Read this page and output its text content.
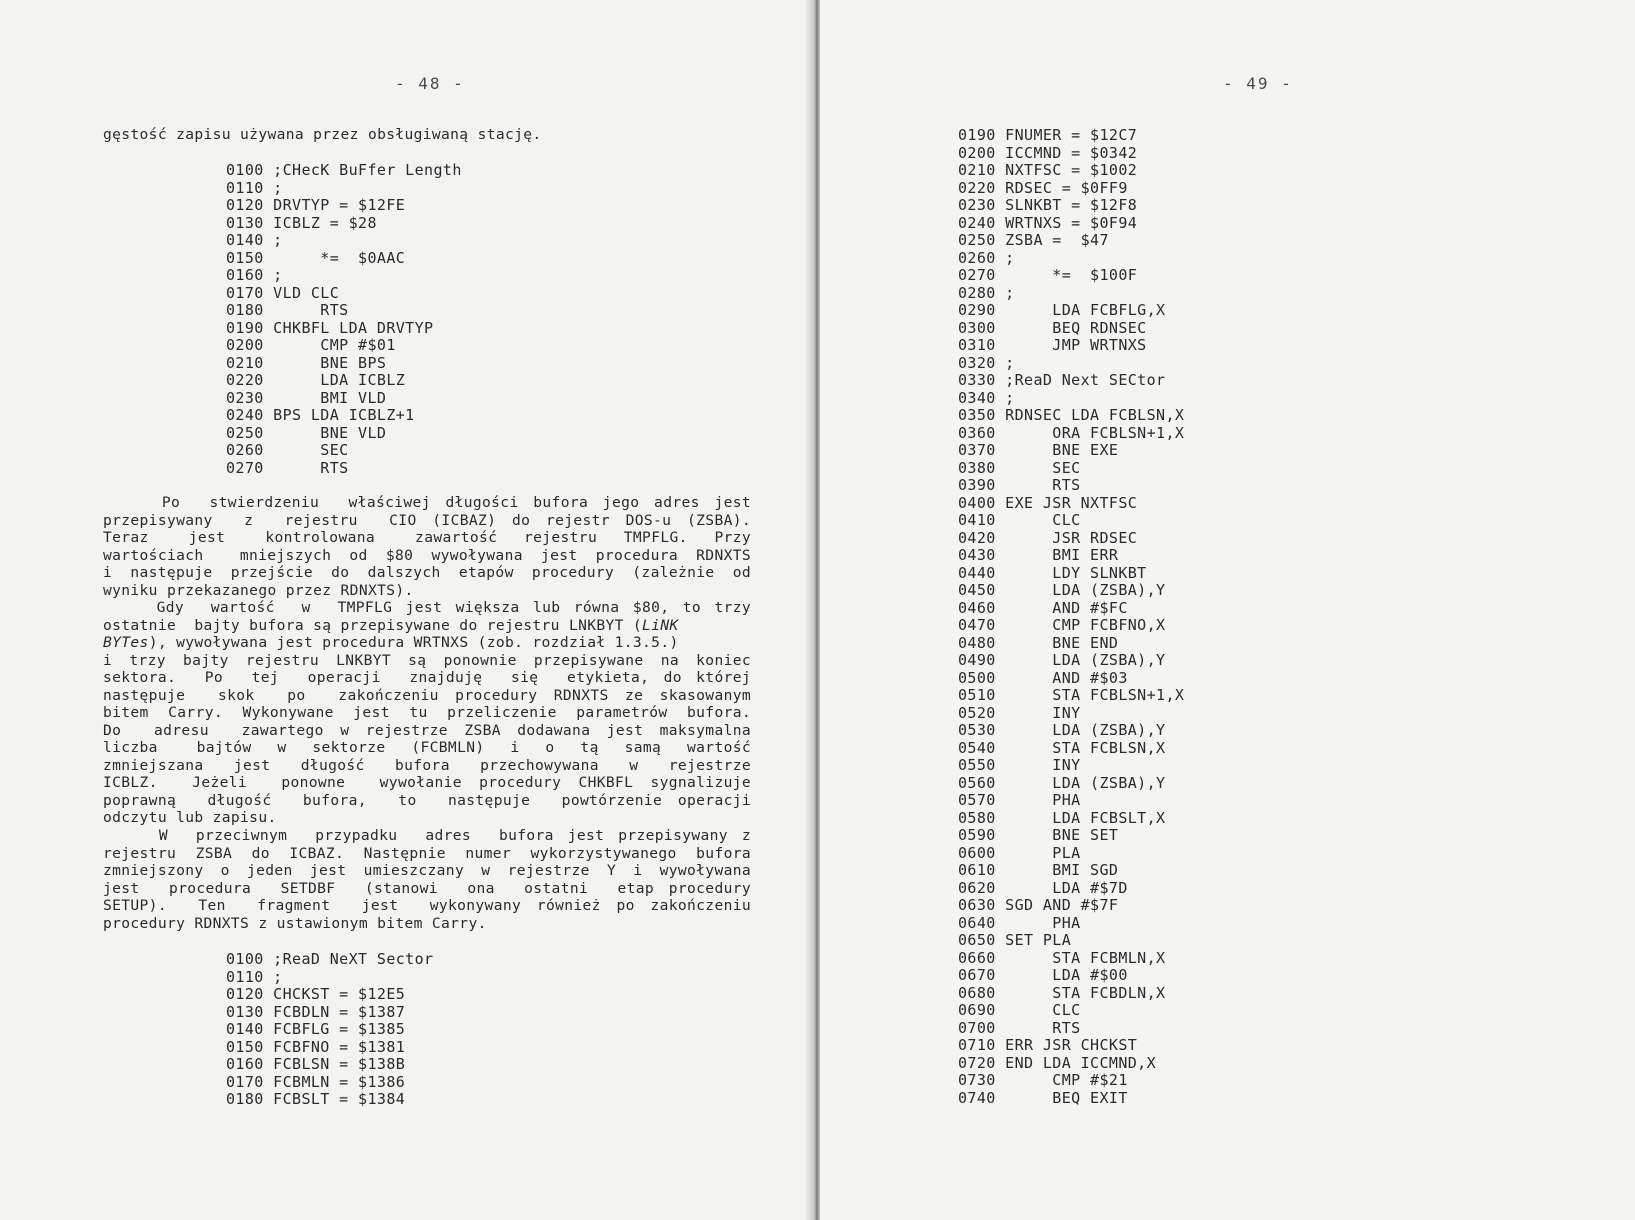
- 48 -
gęstość zapisu używana przez obsługiwaną stację.
0100 ;CHecK BuFfer Length
0110 ;
0120 DRVTYP = $12FE
0130 ICBLZ = $28
0140 ;
0150      *=  $0AAC
0160 ;
0170 VLD CLC
0180      RTS
0190 CHKBFL LDA DRVTYP
0200      CMP #$01
0210      BNE BPS
0220      LDA ICBLZ
0230      BMI VLD
0240 BPS LDA ICBLZ+1
0250      BNE VLD
0260      SEC
0270      RTS
Po  stwierdzeniu  właściwej długości bufora jego adres jest
przepisywany  z  rejestru  CIO (ICBAZ) do rejestr DOS-u (ZSBA).
Teraz   jest   kontrolowana   zawartość  rejestru  TMPFLG.  Przy
wartościach  mniejszych od $80 wywoływana jest procedura RDNXTS
i następuje przejście do dalszych etapów procedury (zależnie od
wyniku przekazanego przez RDNXTS).
Gdy  wartość  w  TMPFLG jest większa lub równa $80, to trzy
ostatnie  bajty bufora są przepisywane do rejestru LNKBYT (LiNK
BYTes), wywoływana jest procedura WRTNXS (zob. rozdział 1.3.5.)
i trzy bajty rejestru LNKBYT są ponownie przepisywane na koniec
sektora.  Po  tej  operacji  znajduję  się  etykieta, do której
następuje  skok  po  zakończeniu procedury RDNXTS ze skasowanym
bitem Carry. Wykonywane jest tu przeliczenie parametrów bufora.
Do  adresu  zawartego w rejestrze ZSBA dodawana jest maksymalna
liczba   bajtów  w  sektorze  (FCBMLN)  i  o  tą  samą  wartość
zmniejszana  jest  długość  bufora  przechowywana  w  rejestrze
ICBLZ.  Jeżeli  ponowne  wywołanie procedury CHKBFL sygnalizuje
poprawną  długość  bufora,  to  następuje  powtórzenie operacji
odczytu lub zapisu.
W  przeciwnym  przypadku  adres  bufora jest przepisywany z
rejestru ZSBA do ICBAZ. Następnie numer wykorzystywanego bufora
zmniejszony o jeden jest umieszczany w rejestrze Y i wywoływana
jest  procedura  SETDBF  (stanowi  ona  ostatni  etap procedury
SETUP).  Ten  fragment  jest  wykonywany również po zakończeniu
procedury RDNXTS z ustawionym bitem Carry.
0100 ;ReaD NeXT Sector
0110 ;
0120 CHCKST = $12E5
0130 FCBDLN = $1387
0140 FCBFLG = $1385
0150 FCBFNO = $1381
0160 FCBLSN = $138B
0170 FCBMLN = $1386
0180 FCBSLT = $1384
- 49 -
0190 FNUMER = $12C7
0200 ICCMND = $0342
0210 NXTFSC = $1002
0220 RDSEC = $0FF9
0230 SLNKBT = $12F8
0240 WRTNXS = $0F94
0250 ZSBA =  $47
0260 ;
0270      *=  $100F
0280 ;
0290      LDA FCBFLG,X
0300      BEQ RDNSEC
0310      JMP WRTNXS
0320 ;
0330 ;ReaD Next SECtor
0340 ;
0350 RDNSEC LDA FCBLSN,X
0360      ORA FCBLSN+1,X
0370      BNE EXE
0380      SEC
0390      RTS
0400 EXE JSR NXTFSC
0410      CLC
0420      JSR RDSEC
0430      BMI ERR
0440      LDY SLNKBT
0450      LDA (ZSBA),Y
0460      AND #$FC
0470      CMP FCBFNO,X
0480      BNE END
0490      LDA (ZSBA),Y
0500      AND #$03
0510      STA FCBLSN+1,X
0520      INY
0530      LDA (ZSBA),Y
0540      STA FCBLSN,X
0550      INY
0560      LDA (ZSBA),Y
0570      PHA
0580      LDA FCBSLT,X
0590      BNE SET
0600      PLA
0610      BMI SGD
0620      LDA #$7D
0630 SGD AND #$7F
0640      PHA
0650 SET PLA
0660      STA FCBMLN,X
0670      LDA #$00
0680      STA FCBDLN,X
0690      CLC
0700      RTS
0710 ERR JSR CHCKST
0720 END LDA ICCMND,X
0730      CMP #$21
0740      BEQ EXIT
